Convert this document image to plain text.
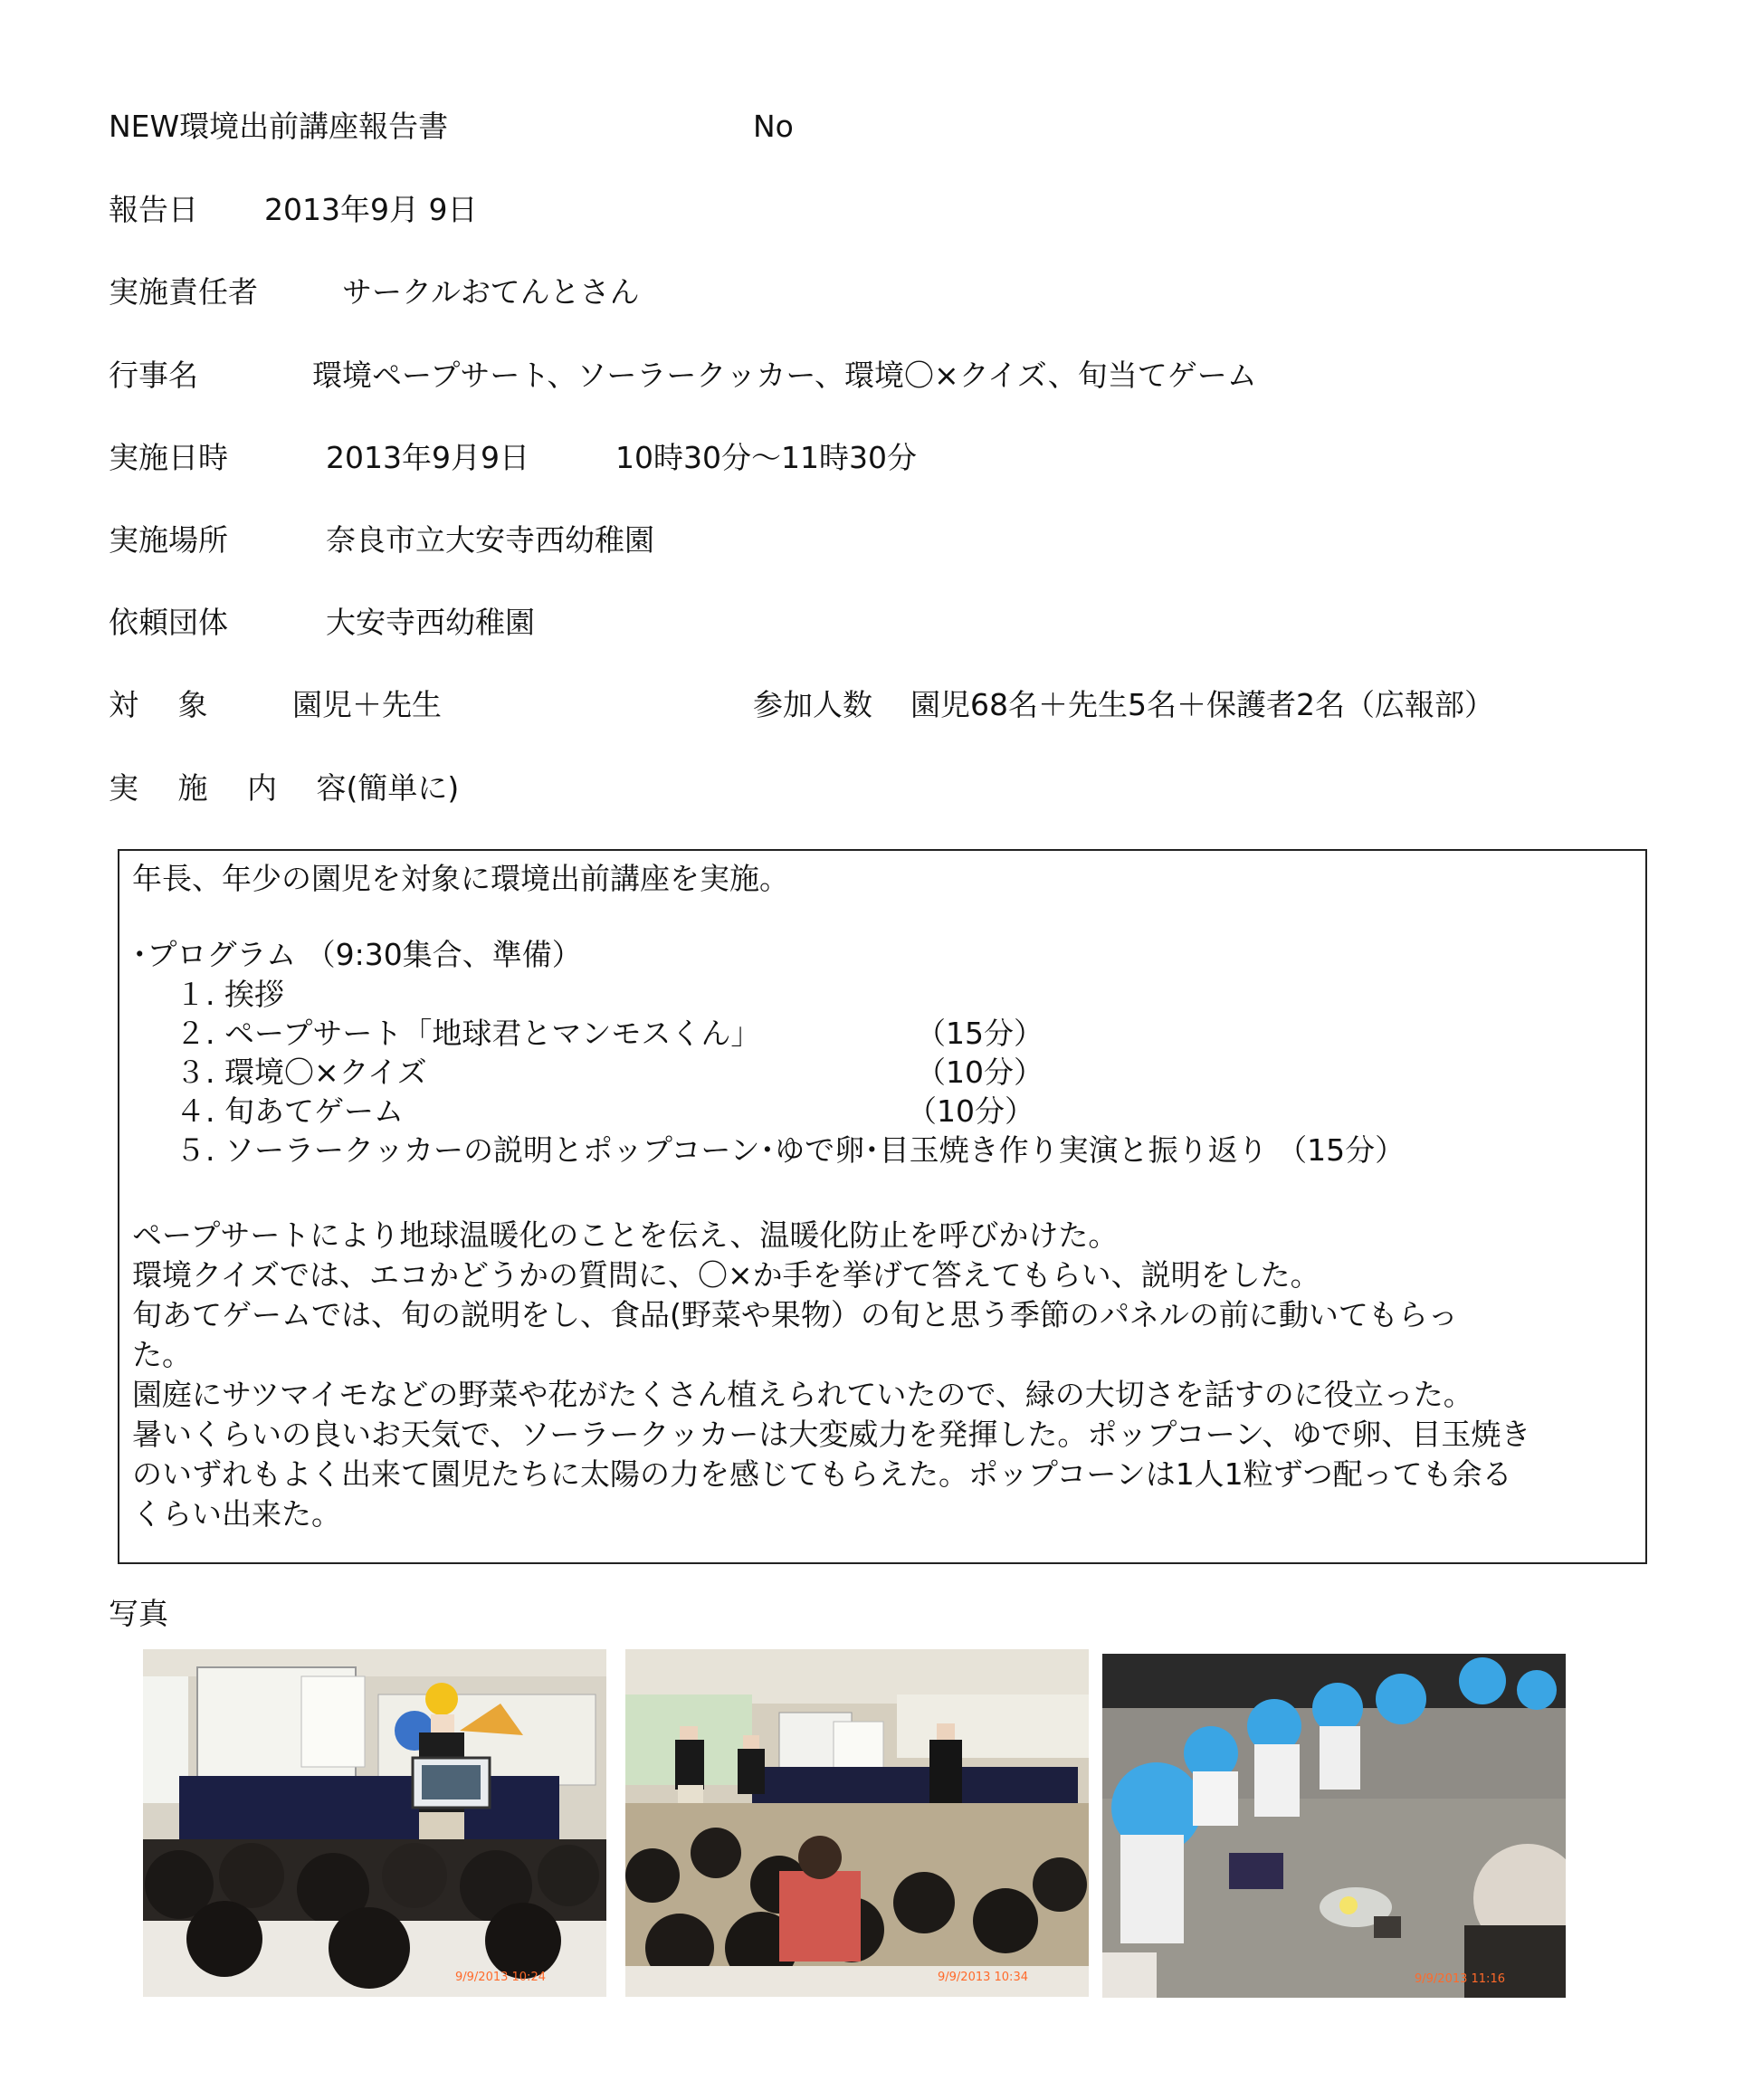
NEW環境出前講座報告書	No
報告日 2013年9月 9日
実施責任者	サークルおてんとさん
行事名	環境ペープサート、ソーラークッカー、環境〇×クイズ、旬当てゲーム
実施日時	2013年9月9日	10時30分～11時30分
実施場所	奈良市立大安寺西幼稚園
依頼団体	大安寺西幼稚園
対　 象	園児＋先生	参加人数 園児68名＋先生5名＋保護者2名（広報部）
実　 施　 内　 容(簡単に)
年長、年少の園児を対象に環境出前講座を実施。
･プログラム （9:30集合、準備）
１. 挨拶
２. ペープサート「地球君とマンモスくん」	（15分）
３. 環境〇×クイズ	（10分）
４. 旬あてゲーム	（10分）
５. ソーラークッカーの説明とポップコーン･ゆで卵･目玉焼き作り実演と振り返り （15分）
ペープサートにより地球温暖化のことを伝え、温暖化防止を呼びかけた。
環境クイズでは、エコかどうかの質問に、〇×か手を挙げて答えてもらい、説明をした。
旬あてゲームでは、旬の説明をし、食品(野菜や果物）の旬と思う季節のパネルの前に動いてもらっ
た。
園庭にサツマイモなどの野菜や花がたくさん植えられていたので、緑の大切さを話すのに役立った。
暑いくらいの良いお天気で、ソーラークッカーは大変威力を発揮した。ポップコーン、ゆで卵、目玉焼き
のいずれもよく出来て園児たちに太陽の力を感じてもらえた。ポップコーンは1人1粒ずつ配っても余る
くらい出来た。
写真
9/9/2013 10:24	9/9/2013 10:34	9/9/2013 11:16
